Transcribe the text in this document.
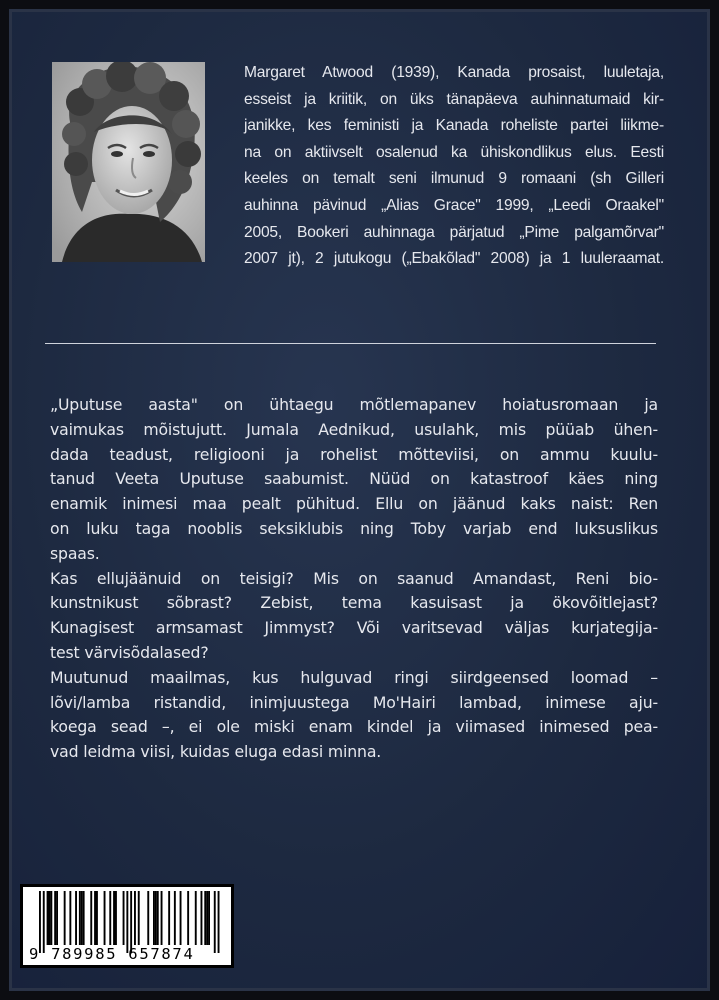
Margaret Atwood (1939), Kanada prosaist, luuletaja,
esseist ja kriitik, on üks tänapäeva auhinnatumaid kir-
janikke, kes feministi ja Kanada roheliste partei liikme-
na on aktiivselt osalenud ka ühiskondlikus elus. Eesti
keeles on temalt seni ilmunud 9 romaani (sh Gilleri
auhinna pävinud „Alias Grace" 1999, „Leedi Oraakel"
2005, Bookeri auhinnaga pärjatud „Pime palgamõrvar"
2007 jt), 2 jutukogu („Ebakõlad" 2008) ja 1 luuleraamat.
„Uputuse aasta" on ühtaegu mõtlemapanev hoiatusromaan ja
vaimukas mõistujutt. Jumala Aednikud, usulahk, mis püüab ühen-
dada teadust, religiooni ja rohelist mõtteviisi, on ammu kuulu-
tanud Veeta Uputuse saabumist. Nüüd on katastroof käes ning
enamik inimesi maa pealt pühitud. Ellu on jäänud kaks naist: Ren
on luku taga nooblis seksiklubis ning Toby varjab end luksuslikus
spaas.
Kas ellujäänuid on teisigi? Mis on saanud Amandast, Reni bio-
kunstnikust sõbrast? Zebist, tema kasuisast ja ökovõitlejast?
Kunagisest armsamast Jimmyst? Või varitsevad väljas kurjategija-
test värvisõdalased?
Muutunud maailmas, kus hulguvad ringi siirdgeensed loomad –
lõvi/lamba ristandid, inimjuustega Mo'Hairi lambad, inimese aju-
koega sead –, ei ole miski enam kindel ja viimased inimesed pea-
vad leidma viisi, kuidas eluga edasi minna.
9 789985 657874
